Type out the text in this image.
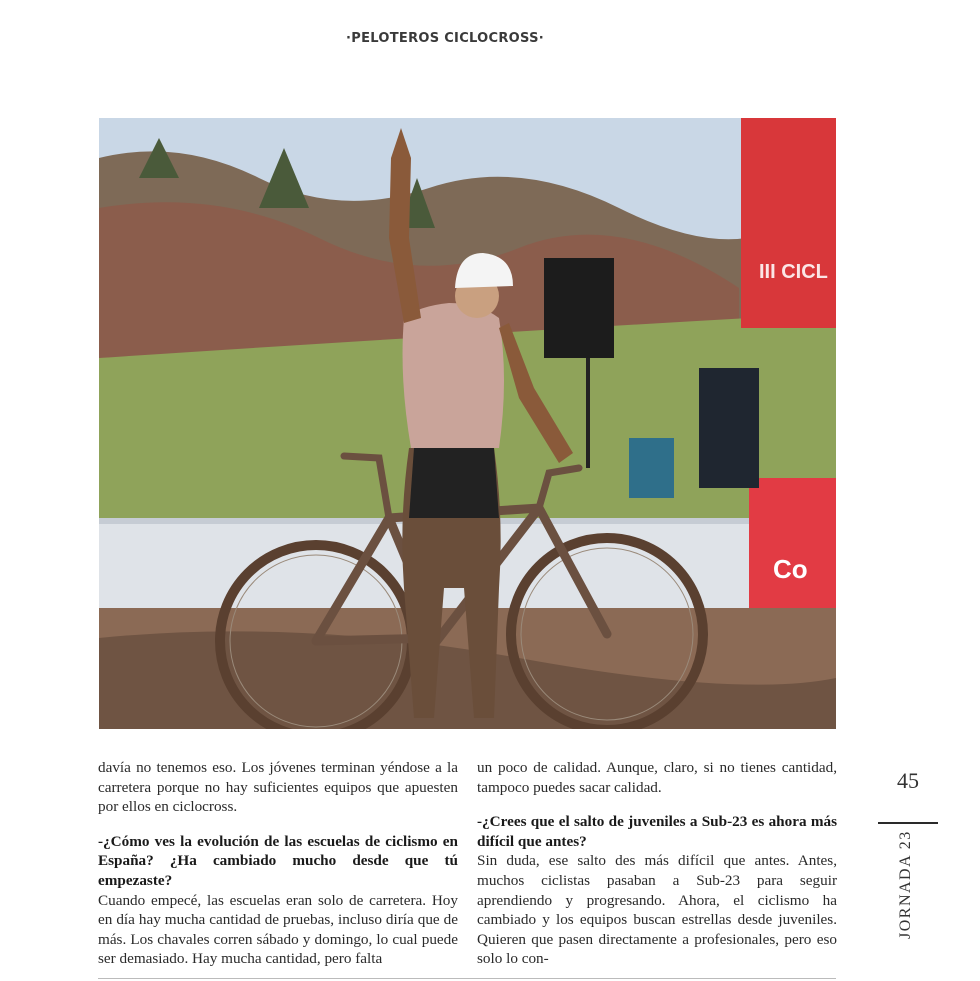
·PELOTEROS CICLOCROSS·
III CICL
Co

davía no tenemos eso. Los jóvenes terminan yéndose a la carretera porque no hay suficientes equipos que apuesten por ellos en ciclocross.

-¿Cómo ves la evolución de las escuelas de ciclismo en España? ¿Ha cambiado mucho desde que tú empezaste?

Cuando empecé, las escuelas eran solo de carretera. Hoy en día hay mucha cantidad de pruebas, incluso diría que de más. Los chavales corren sábado y domingo, lo cual puede ser demasiado. Hay mucha cantidad, pero falta

un poco de calidad. Aunque, claro, si no tienes cantidad, tampoco puedes sacar calidad.

-¿Crees que el salto de juveniles a Sub-23 es ahora más difícil que antes?

Sin duda, ese salto des más difícil que antes. Antes, muchos ciclistas pasaban a Sub-23 para seguir aprendiendo y progresando. Ahora, el ciclismo ha cambiado y los equipos buscan estrellas desde juveniles. Quieren que pasen directamente a profesionales, pero eso solo lo con-

45
JORNADA 23
